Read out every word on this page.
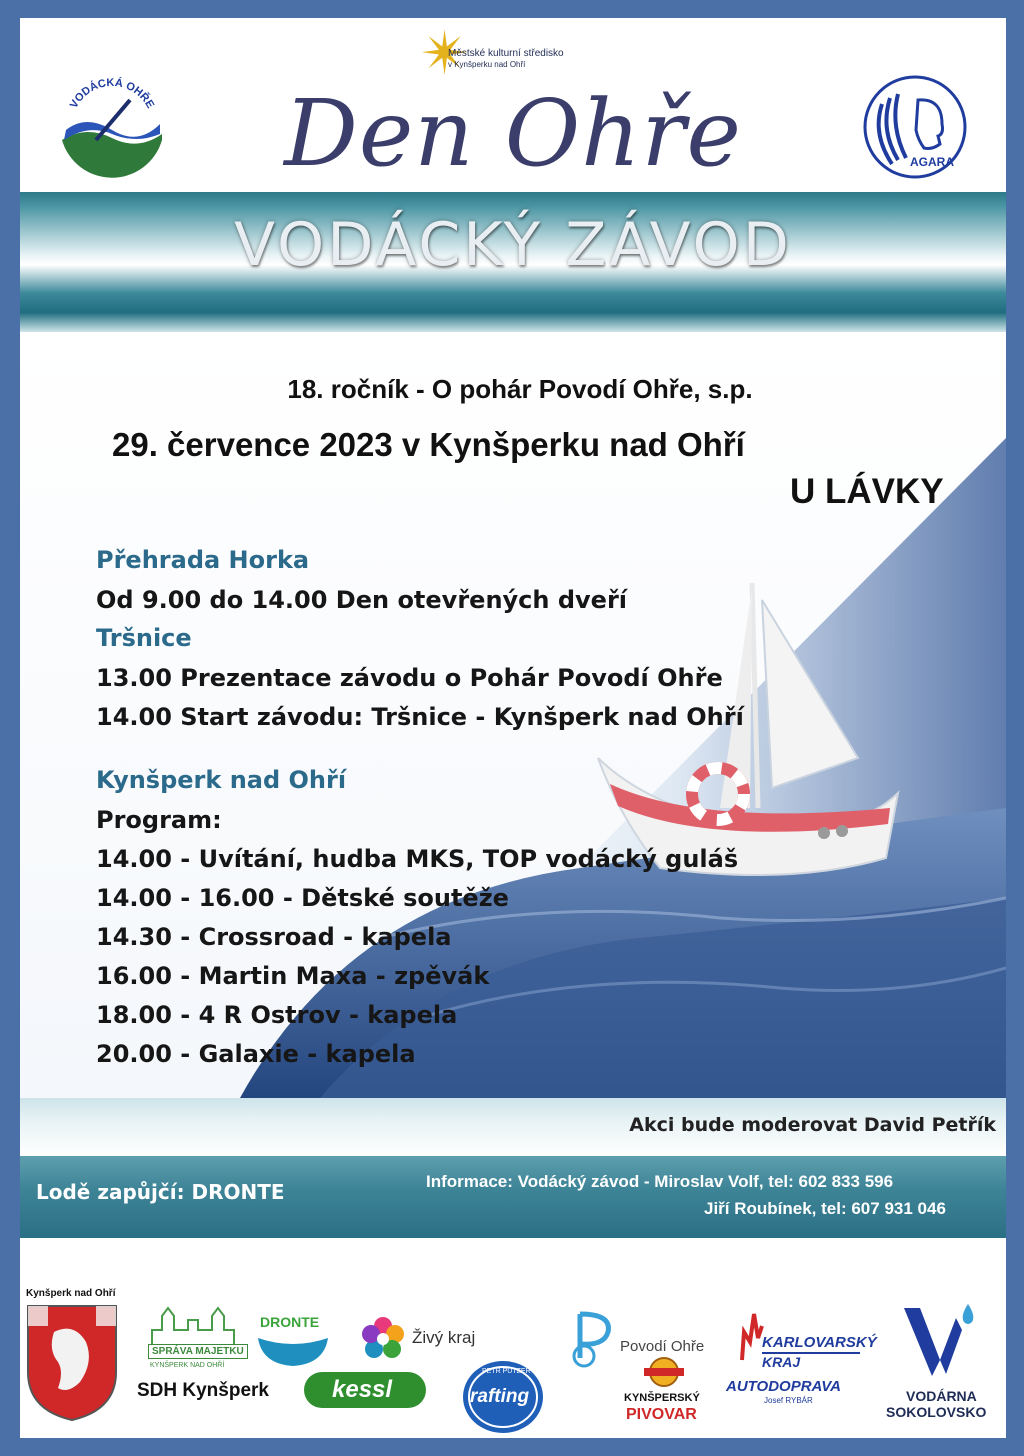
✴
Městské kulturní středisko
v Kynšperku nad Ohří
VODÁCKÁ OHŘE	Den Ohře	AGARA
VODÁCKÝ ZÁVOD
18. ročník - O pohár Povodí Ohře, s.p.
29. července 2023 v Kynšperku nad Ohří
U LÁVKY
Přehrada Horka
Od 9.00 do 14.00 Den otevřených dveří
Tršnice
13.00 Prezentace závodu o Pohár Povodí Ohře
14.00 Start závodu: Tršnice - Kynšperk nad Ohří
Kynšperk nad Ohří
Program:
14.00 - Uvítání, hudba MKS, TOP vodácký guláš
14.00 - 16.00 - Dětské soutěže
14.30 - Crossroad - kapela
16.00 - Martin Maxa - zpěvák
18.00 - 4 R Ostrov - kapela
20.00 - Galaxie - kapela
Akci bude moderovat David Petřík
Lodě zapůjčí: DRONTE	Informace: Vodácký závod - Miroslav Volf, tel: 602 833 596
Jiří Roubínek, tel: 607 931 046
Kynšperk nad Ohří
SPRÁVA MAJETKU
KYNŠPERK NAD OHŘÍ
DRONTE
Živý kraj	Povodí Ohře	KARLOVARSKÝ
KRAJ
VODÁRNA
SOKOLOVSKO
SDH Kynšperk	kessl
PETR PUTZER
rafting	KYNŠPERSKÝ
PIVOVAR
AUTODOPRAVA
Josef RYBÁR
